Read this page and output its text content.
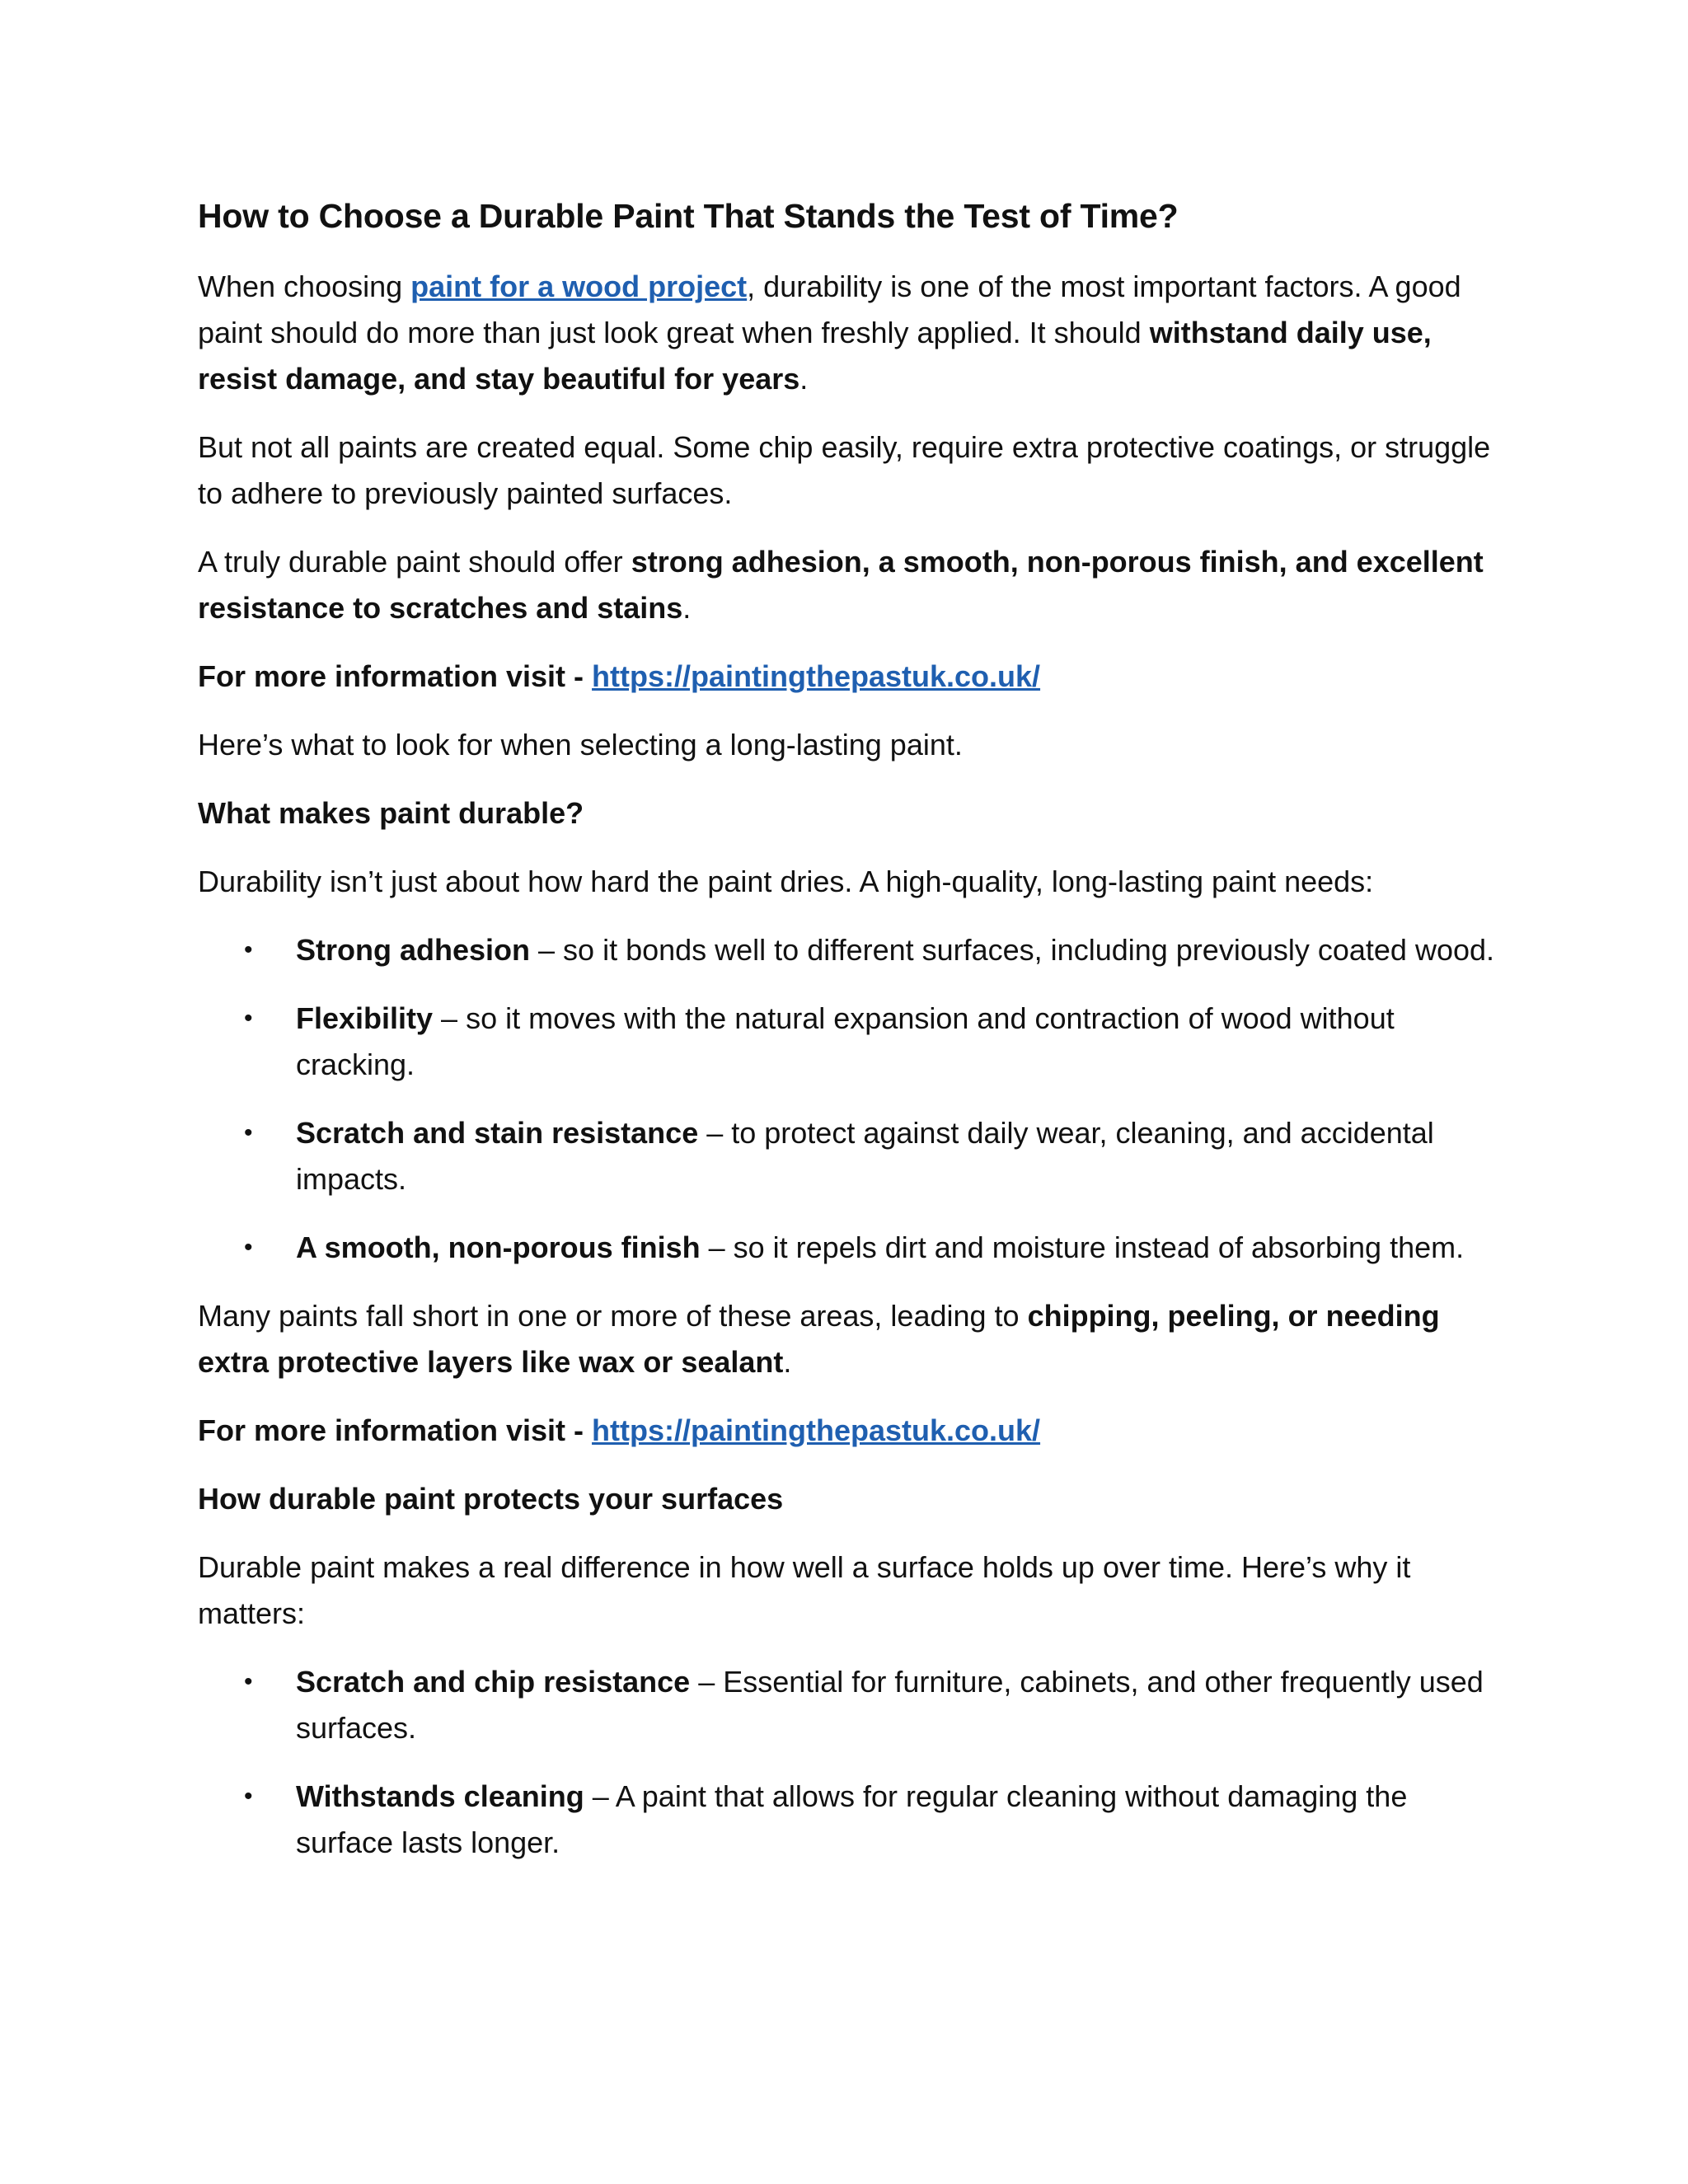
How to Choose a Durable Paint That Stands the Test of Time?

When choosing paint for a wood project, durability is one of the most important factors. A good paint should do more than just look great when freshly applied. It should withstand daily use, resist damage, and stay beautiful for years.

But not all paints are created equal. Some chip easily, require extra protective coatings, or struggle to adhere to previously painted surfaces.

A truly durable paint should offer strong adhesion, a smooth, non-porous finish, and excellent resistance to scratches and stains.

For more information visit - https://paintingthepastuk.co.uk/

Here’s what to look for when selecting a long-lasting paint.

What makes paint durable?

Durability isn’t just about how hard the paint dries. A high-quality, long-lasting paint needs:

• Strong adhesion – so it bonds well to different surfaces, including previously coated wood.
• Flexibility – so it moves with the natural expansion and contraction of wood without cracking.
• Scratch and stain resistance – to protect against daily wear, cleaning, and accidental impacts.
• A smooth, non-porous finish – so it repels dirt and moisture instead of absorbing them.

Many paints fall short in one or more of these areas, leading to chipping, peeling, or needing extra protective layers like wax or sealant.

For more information visit - https://paintingthepastuk.co.uk/

How durable paint protects your surfaces

Durable paint makes a real difference in how well a surface holds up over time. Here’s why it matters:

• Scratch and chip resistance – Essential for furniture, cabinets, and other frequently used surfaces.
• Withstands cleaning – A paint that allows for regular cleaning without damaging the surface lasts longer.
